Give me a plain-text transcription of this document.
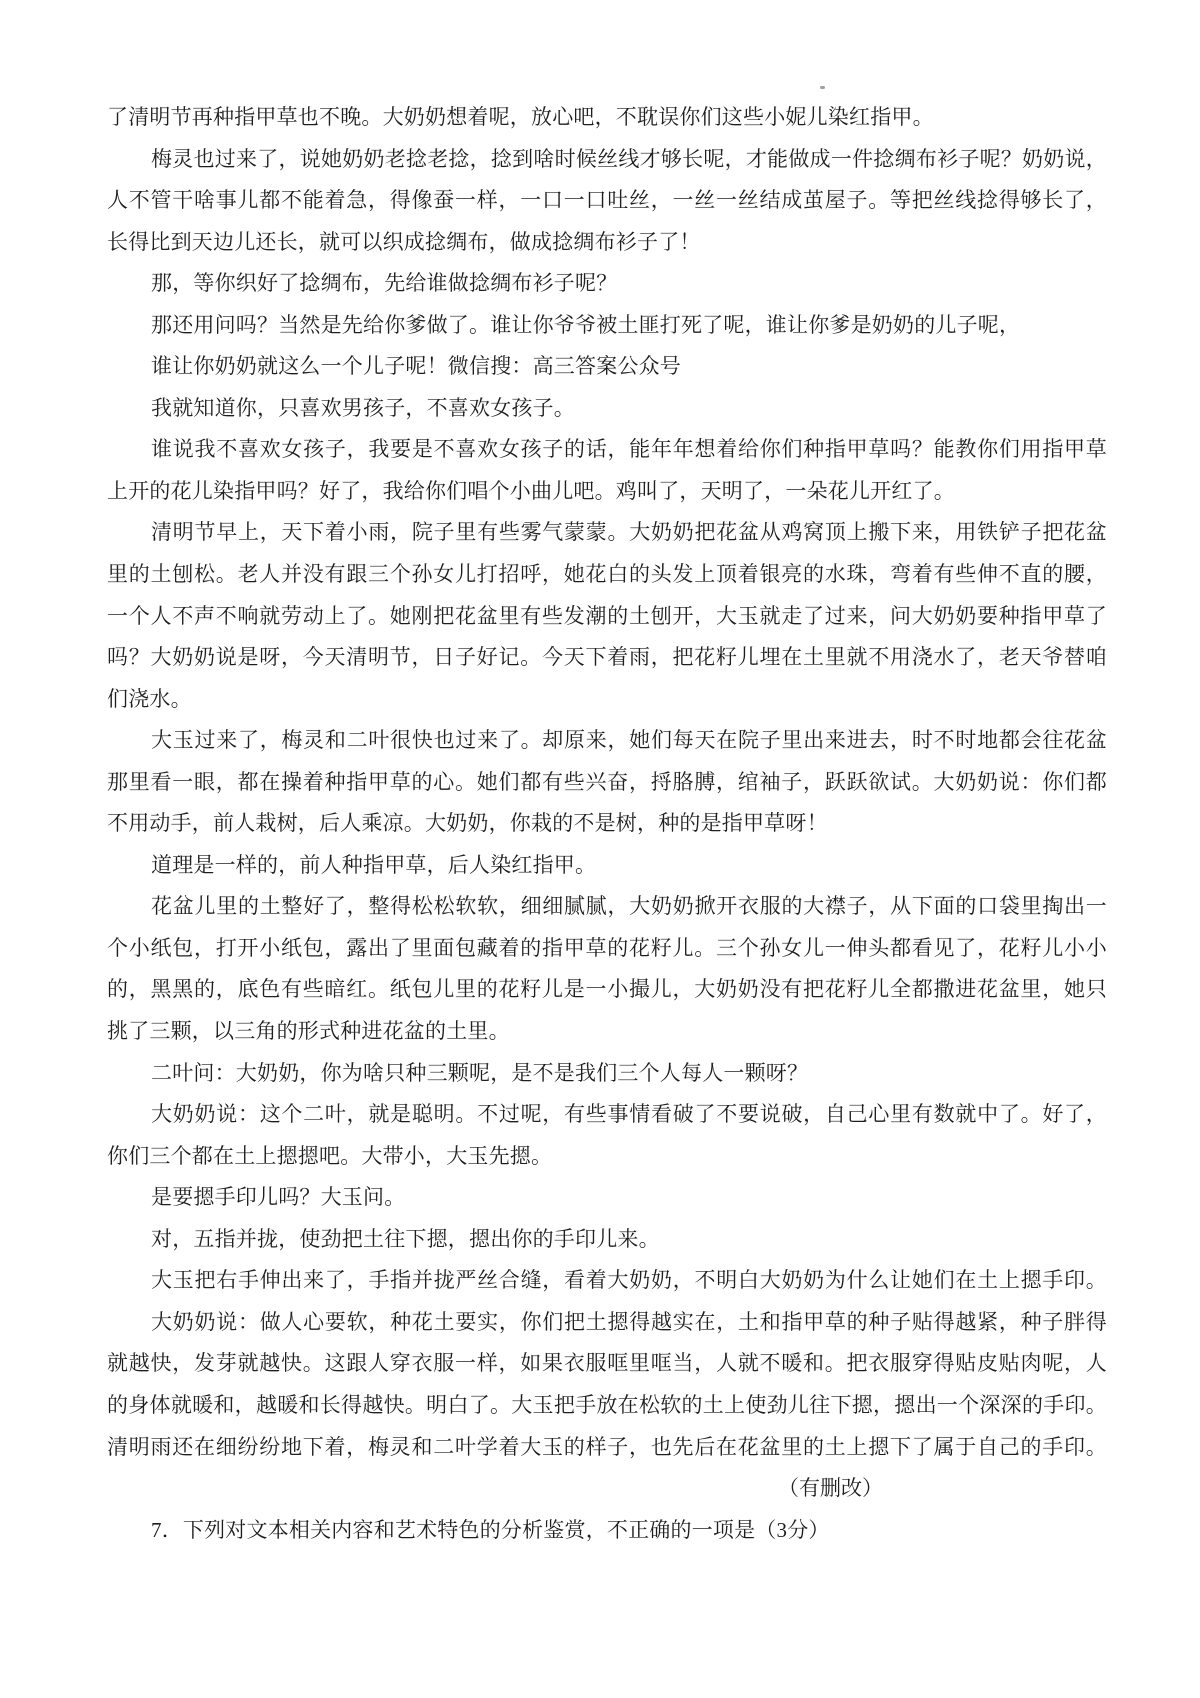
了清明节再种指甲草也不晚。大奶奶想着呢，放心吧，不耽误你们这些小妮儿染红指甲。
梅灵也过来了，说她奶奶老捻老捻，捻到啥时候丝线才够长呢，才能做成一件捻绸布衫子呢？奶奶说，
人不管干啥事儿都不能着急，得像蚕一样，一口一口吐丝，一丝一丝结成茧屋子。等把丝线捻得够长了，
长得比到天边儿还长，就可以织成捻绸布，做成捻绸布衫子了！
那，等你织好了捻绸布，先给谁做捻绸布衫子呢？
那还用问吗？当然是先给你爹做了。谁让你爷爷被土匪打死了呢，谁让你爹是奶奶的儿子呢，
谁让你奶奶就这么一个儿子呢！微信搜：高三答案公众号
我就知道你，只喜欢男孩子，不喜欢女孩子。
谁说我不喜欢女孩子，我要是不喜欢女孩子的话，能年年想着给你们种指甲草吗？能教你们用指甲草
上开的花儿染指甲吗？好了，我给你们唱个小曲儿吧。鸡叫了，天明了，一朵花儿开红了。
清明节早上，天下着小雨，院子里有些雾气蒙蒙。大奶奶把花盆从鸡窝顶上搬下来，用铁铲子把花盆
里的土刨松。老人并没有跟三个孙女儿打招呼，她花白的头发上顶着银亮的水珠，弯着有些伸不直的腰，
一个人不声不响就劳动上了。她刚把花盆里有些发潮的土刨开，大玉就走了过来，问大奶奶要种指甲草了
吗？大奶奶说是呀，今天清明节，日子好记。今天下着雨，把花籽儿埋在土里就不用浇水了，老天爷替咱
们浇水。
大玉过来了，梅灵和二叶很快也过来了。却原来，她们每天在院子里出来进去，时不时地都会往花盆
那里看一眼，都在操着种指甲草的心。她们都有些兴奋，捋胳膊，绾袖子，跃跃欲试。大奶奶说：你们都
不用动手，前人栽树，后人乘凉。大奶奶，你栽的不是树，种的是指甲草呀！
道理是一样的，前人种指甲草，后人染红指甲。
花盆儿里的土整好了，整得松松软软，细细腻腻，大奶奶掀开衣服的大襟子，从下面的口袋里掏出一
个小纸包，打开小纸包，露出了里面包藏着的指甲草的花籽儿。三个孙女儿一伸头都看见了，花籽儿小小
的，黑黑的，底色有些暗红。纸包儿里的花籽儿是一小撮儿，大奶奶没有把花籽儿全都撒进花盆里，她只
挑了三颗，以三角的形式种进花盆的土里。
二叶问：大奶奶，你为啥只种三颗呢，是不是我们三个人每人一颗呀？
大奶奶说：这个二叶，就是聪明。不过呢，有些事情看破了不要说破，自己心里有数就中了。好了，
你们三个都在土上摁摁吧。大带小，大玉先摁。
是要摁手印儿吗？大玉问。
对，五指并拢，使劲把土往下摁，摁出你的手印儿来。
大玉把右手伸出来了，手指并拢严丝合缝，看着大奶奶，不明白大奶奶为什么让她们在土上摁手印。
大奶奶说：做人心要软，种花土要实，你们把土摁得越实在，土和指甲草的种子贴得越紧，种子胖得
就越快，发芽就越快。这跟人穿衣服一样，如果衣服哐里哐当，人就不暖和。把衣服穿得贴皮贴肉呢，人
的身体就暖和，越暖和长得越快。明白了。大玉把手放在松软的土上使劲儿往下摁，摁出一个深深的手印。
清明雨还在细纷纷地下着，梅灵和二叶学着大玉的样子，也先后在花盆里的土上摁下了属于自己的手印。
（有删改）
7．下列对文本相关内容和艺术特色的分析鉴赏，不正确的一项是（3分）
